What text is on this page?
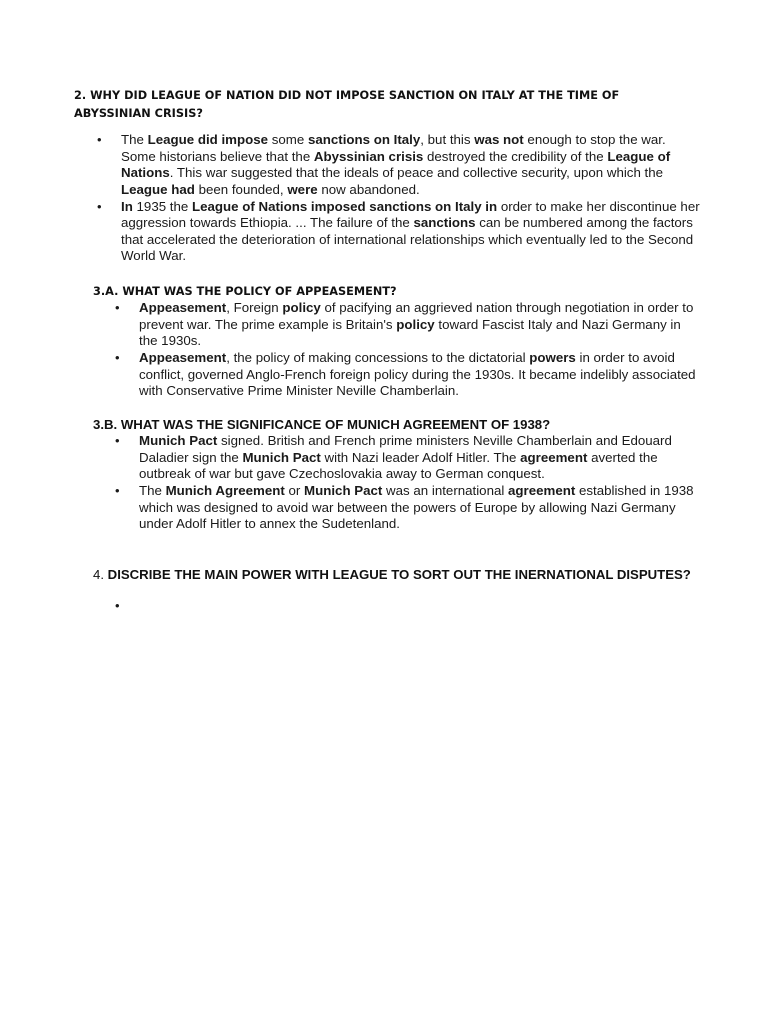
2. WHY DID LEAGUE OF NATION DID NOT IMPOSE SANCTION ON ITALY AT THE TIME OF ABYSSINIAN CRISIS?

• The League did impose some sanctions on Italy, but this was not enough to stop the war. Some historians believe that the Abyssinian crisis destroyed the credibility of the League of Nations. This war suggested that the ideals of peace and collective security, upon which the League had been founded, were now abandoned.
• In 1935 the League of Nations imposed sanctions on Italy in order to make her discontinue her aggression towards Ethiopia. ... The failure of the sanctions can be numbered among the factors that accelerated the deterioration of international relationships which eventually led to the Second World War.

3.A. WHAT WAS THE POLICY OF APPEASEMENT?

• Appeasement, Foreign policy of pacifying an aggrieved nation through negotiation in order to prevent war. The prime example is Britain's policy toward Fascist Italy and Nazi Germany in the 1930s.
• Appeasement, the policy of making concessions to the dictatorial powers in order to avoid conflict, governed Anglo-French foreign policy during the 1930s. It became indelibly associated with Conservative Prime Minister Neville Chamberlain.

3.B. WHAT WAS THE SIGNIFICANCE OF MUNICH AGREEMENT OF 1938?

• Munich Pact signed. British and French prime ministers Neville Chamberlain and Edouard Daladier sign the Munich Pact with Nazi leader Adolf Hitler. The agreement averted the outbreak of war but gave Czechoslovakia away to German conquest.
• The Munich Agreement or Munich Pact was an international agreement established in 1938 which was designed to avoid war between the powers of Europe by allowing Nazi Germany under Adolf Hitler to annex the Sudetenland.

4. DISCRIBE THE MAIN POWER WITH LEAGUE TO SORT OUT THE INERNATIONAL DISPUTES?

•
